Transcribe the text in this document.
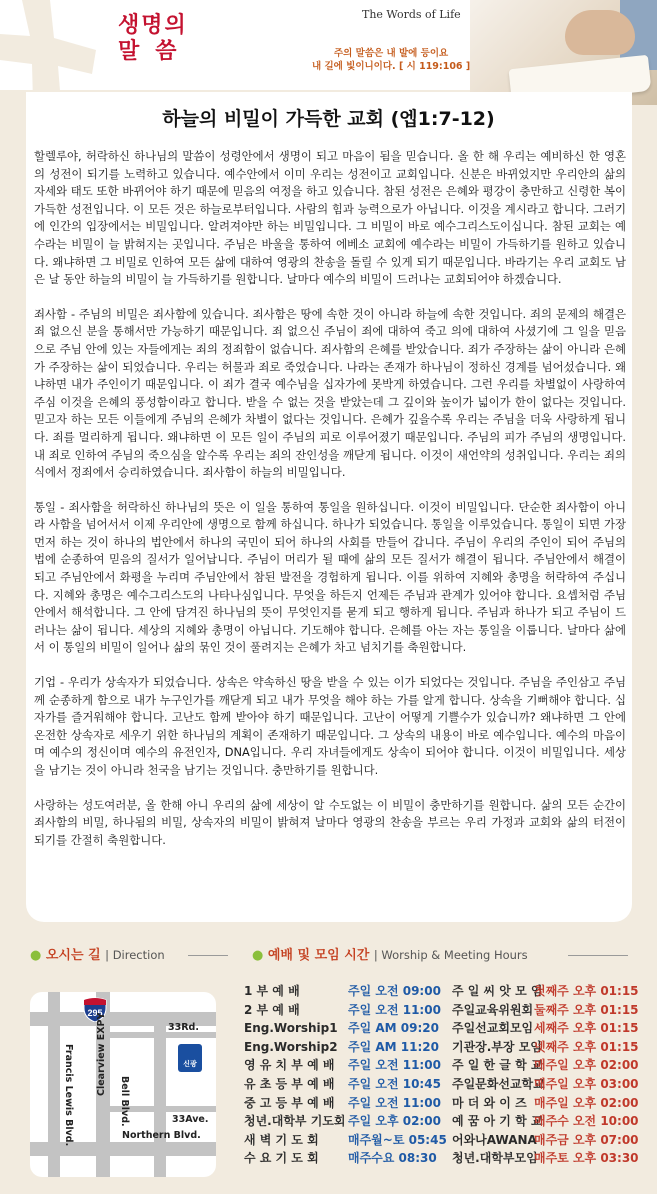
생명의
말씀
The Words of Life
주의 말씀은 내 발에 등이요
내 길에 빛이니이다. [ 시 119:106 ]
하늘의 비밀이 가득한 교회 (엡1:7-12)

할렐루야, 허락하신 하나님의 말씀이 성령안에서 생명이 되고 마음이 됨을 믿습니다. 올 한 해 우리는 예비하신 한 영혼의 성전이 되기를 노력하고 있습니다. 예수안에서 이미 우리는 성전이고 교회입니다. 신분은 바뀌었지만 우리안의 삶의 자세와 태도 또한 바뀌어야 하기 때문에 믿음의 여정을 하고 있습니다. 참된 성전은 은혜와 평강이 충만하고 신령한 복이 가득한 성전입니다. 이 모든 것은 하늘로부터입니다. 사람의 힘과 능력으로가 아닙니다. 이것을 계시라고 합니다. 그러기에 인간의 입장에서는 비밀입니다. 알려져야만 하는 비밀입니다. 그 비밀이 바로 예수그리스도이십니다. 참된 교회는 예수라는 비밀이 늘 밝혀지는 곳입니다. 주님은 바울을 통하여 에베소 교회에 예수라는 비밀이 가득하기를 원하고 있습니다. 왜냐하면 그 비밀로 인하여 모든 삶에 대하여 영광의 찬송을 돌릴 수 있게 되기 때문입니다. 바라기는 우리 교회도 남은 날 동안 하늘의 비밀이 늘 가득하기를 원합니다. 날마다 예수의 비밀이 드러나는 교회되어야 하겠습니다.

죄사함 - 주님의 비밀은 죄사함에 있습니다. 죄사함은 땅에 속한 것이 아니라 하늘에 속한 것입니다. 죄의 문제의 해결은 죄 없으신 분을 통해서만 가능하기 때문입니다. 죄 없으신 주님이 죄에 대하여 죽고 의에 대하여 사셨기에 그 일을 믿음으로 주님 안에 있는 자들에게는 죄의 정죄함이 없습니다. 죄사함의 은혜를 받았습니다. 죄가 주장하는 삶이 아니라 은혜가 주장하는 삶이 되었습니다. 우리는 허물과 죄로 죽었습니다. 나라는 존재가 하나님이 정하신 경계를 넘어섰습니다. 왜냐하면 내가 주인이기 때문입니다. 이 죄가 결국 예수님을 십자가에 못박게 하였습니다. 그런 우리를 차별없이 사랑하여 주심 이것을 은혜의 풍성함이라고 합니다. 받을 수 없는 것을 받았는데 그 깊이와 높이가 넓이가 한이 없다는 것입니다. 믿고자 하는 모든 이들에게 주님의 은혜가 차별이 없다는 것입니다. 은혜가 깊을수록 우리는 주님을 더욱 사랑하게 됩니다. 죄를 멀리하게 됩니다. 왜냐하면 이 모든 일이 주님의 피로 이루어졌기 때문입니다. 주님의 피가 주님의 생명입니다. 내 죄로 인하여 주님의 죽으심을 알수록 우리는 죄의 잔인성을 깨닫게 됩니다. 이것이 새언약의 성취입니다. 우리는 죄의식에서 정죄에서 승리하였습니다. 죄사함이 하늘의 비밀입니다.

통일 - 죄사함을 허락하신 하나님의 뜻은 이 일을 통하여 통일을 원하십니다. 이것이 비밀입니다. 단순한 죄사함이 아니라 사함을 넘어서서 이제 우리안에 생명으로 함께 하십니다. 하나가 되었습니다. 통일을 이루었습니다. 통일이 되면 가장 먼저 하는 것이 하나의 법안에서 하나의 국민이 되어 하나의 사회를 만들어 갑니다. 주님이 우리의 주인이 되어 주님의 법에 순종하여 믿음의 질서가 일어납니다. 주님이 머리가 될 때에 삶의 모든 질서가 해결이 됩니다. 주님안에서 해결이 되고 주님안에서 화평을 누리며 주님안에서 참된 발전을 경험하게 됩니다. 이를 위하여 지혜와 총명을 허락하여 주십니다. 지혜와 총명은 예수그리스도의 나타나심입니다. 무엇을 하든지 언제든 주님과 관계가 있어야 합니다. 요셉처럼 주님안에서 해석합니다. 그 안에 담겨진 하나님의 뜻이 무엇인지를 묻게 되고 행하게 됩니다. 주님과 하나가 되고 주님이 드러나는 삶이 됩니다. 세상의 지혜와 총명이 아닙니다. 기도해야 합니다. 은혜를 아는 자는 통일을 이룹니다. 날마다 삶에서 이 통일의 비밀이 일어나 삶의 묶인 것이 풀려지는 은혜가 차고 넘치기를 축원합니다.

기업 - 우리가 상속자가 되었습니다. 상속은 약속하신 땅을 받을 수 있는 이가 되었다는 것입니다. 주님을 주인삼고 주님께 순종하게 함으로 내가 누구인가를 깨닫게 되고 내가 무엇을 해야 하는 가를 알게 합니다. 상속을 기뻐해야 합니다. 십자가를 즐거워해야 합니다. 고난도 함께 받아야 하기 때문입니다. 고난이 어떻게 기쁠수가 있습니까? 왜냐하면 그 안에 온전한 상속자로 세우기 위한 하나님의 계획이 존재하기 때문입니다. 그 상속의 내용이 바로 예수입니다. 예수의 마음이며 예수의 정신이며 예수의 유전인자, DNA입니다. 우리 자녀들에게도 상속이 되어야 합니다. 이것이 비밀입니다. 세상을 남기는 것이 아니라 천국을 남기는 것입니다. 충만하기를 원합니다.

사랑하는 성도여러분, 올 한해 아니 우리의 삶에 세상이 알 수도없는 이 비밀이 충만하기를 원합니다. 삶의 모든 순간이 죄사함의 비밀, 하나됨의 비밀, 상속자의 비밀이 밝혀져 날마다 영광의 찬송을 부르는 우리 가정과 교회와 삶의 터전이 되기를 간절히 축원합니다.

● 오시는 길 | Direction
295
33Rd.
Bell Blvd.
Francis Lewis Blvd. Clearview EXPY
33Ave.
Northern Blvd.
신광
● 예배 및 모임 시간 | Worship & Meeting Hours
1 부 예 배	주일 오전 09:00
2 부 예 배	주일 오전 11:00
Eng.Worship1 주일 AM 09:20
Eng.Worship2 주일 AM 11:20
영 유 치 부 예 배 주일 오전 11:00
유 초 등 부 예 배 주일 오전 10:45
중 고 등 부 예 배 주일 오전 11:00
청년.대학부 기도회 주일 오후 02:00
새 벽 기 도 회 매주월~토 05:45
수 요 기 도 회 매주수요 08:30
주 일 씨 앗 모 임첫째주 오후 01:15
주일교육위원회둘째주 오후 01:15
주일선교회모임세째주 오후 01:15
기관장.부장 모임넷째주 오후 01:15
주 일 한 글 학 교매주일 오후 02:00
주일문화선교학교매주일 오후 03:00
마 더 와 이 즈 매주일 오후 02:00
예 꿈 아 기 학 교매주수 오전 10:00
어와나AWANA매주금 오후 07:00
청년.대학부모임매주토 오후 03:30
